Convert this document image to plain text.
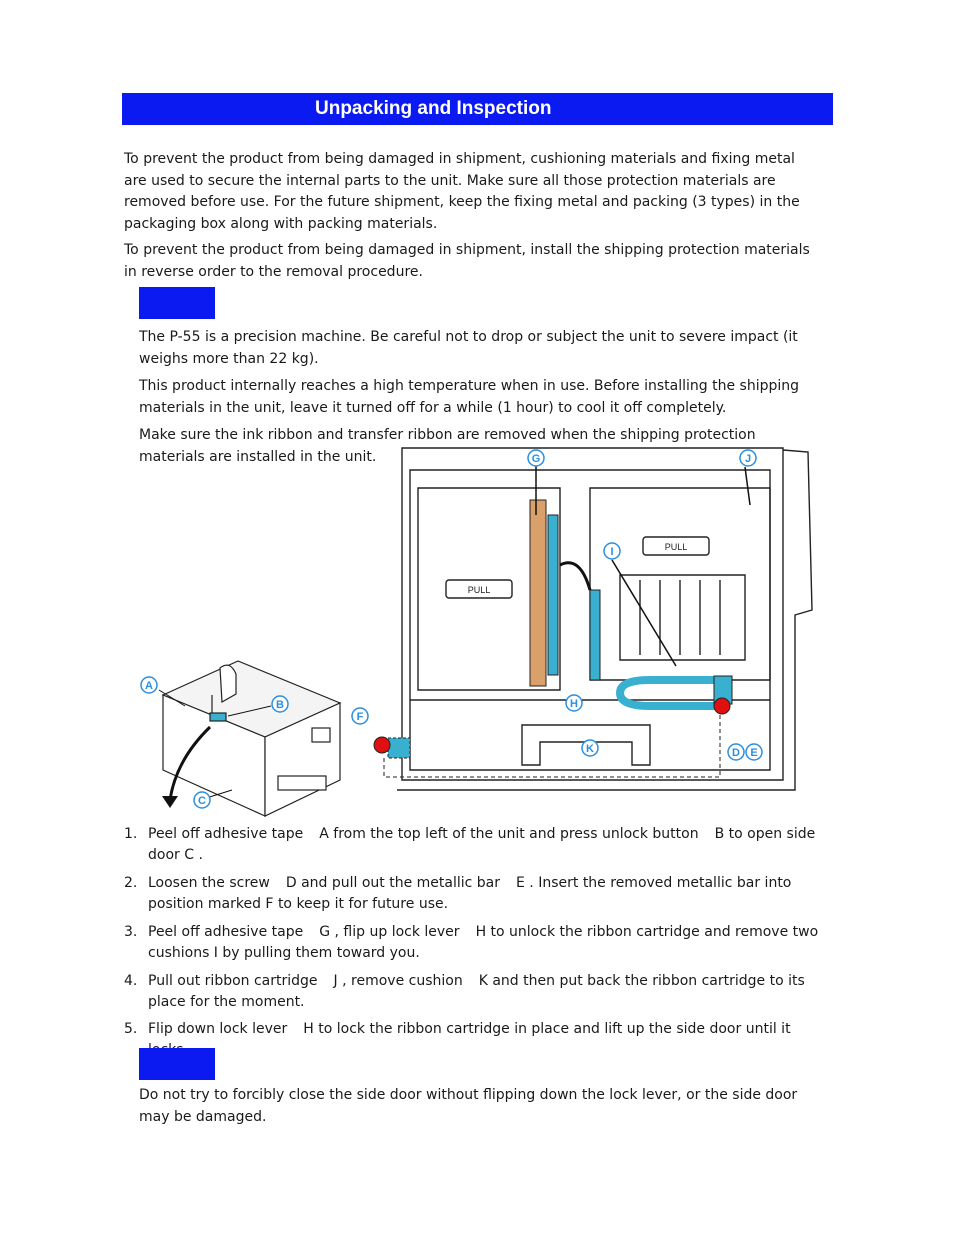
Unpacking and Inspection

To prevent the product from being damaged in shipment, cushioning materials and fixing metal are used to secure the internal parts to the unit. Make sure all those protection materials are removed before use. For the future shipment, keep the fixing metal and packing (3 types) in the packaging box along with packing materials.

To prevent the product from being damaged in shipment, install the shipping protection materials in reverse order to the removal procedure.

The P-55 is a precision machine. Be careful not to drop or subject the unit to severe impact (it weighs more than 22 kg).

This product internally reaches a high temperature when in use. Before installing the shipping materials in the unit, leave it turned off for a while (1 hour) to cool it off completely.

Make sure the ink ribbon and transfer ribbon are removed when the shipping protection materials are installed in the unit.

PULL
PULL
A
B
C
D E
F
G
H
I
J
K
1. Peel off adhesive tape A from the top left of the unit and press unlock button B to open side door C .
2. Loosen the screw D and pull out the metallic bar E . Insert the removed metallic bar into position marked F to keep it for future use.
3. Peel off adhesive tape G , flip up lock lever H to unlock the ribbon cartridge and remove two cushions I by pulling them toward you.
4. Pull out ribbon cartridge J , remove cushion K and then put back the ribbon cartridge to its place for the moment.
5. Flip down lock lever H to lock the ribbon cartridge in place and lift up the side door until it

Do not try to forcibly close the side door without flipping down the lock lever, or the side door may be damaged.
